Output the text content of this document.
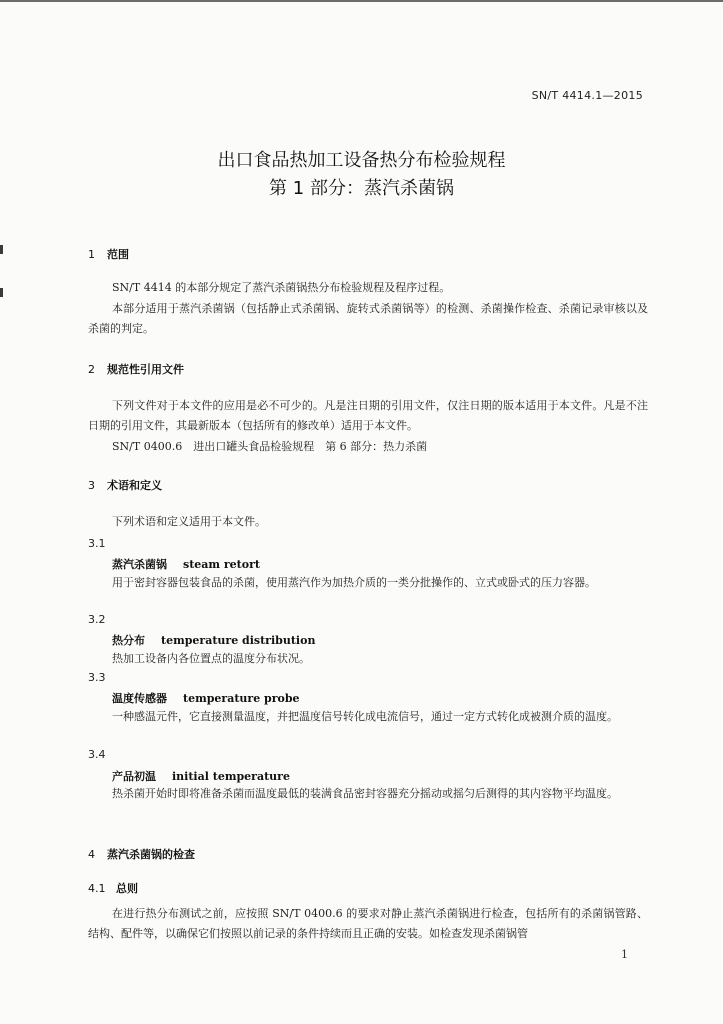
SN/T 4414.1—2015
出口食品热加工设备热分布检验规程
第 1 部分：蒸汽杀菌锅
1 范围

SN/T 4414 的本部分规定了蒸汽杀菌锅热分布检验规程及程序过程。

本部分适用于蒸汽杀菌锅（包括静止式杀菌锅、旋转式杀菌锅等）的检测、杀菌操作检查、杀菌记录审核以及杀菌的判定。

2 规范性引用文件

下列文件对于本文件的应用是必不可少的。凡是注日期的引用文件，仅注日期的版本适用于本文件。凡是不注日期的引用文件，其最新版本（包括所有的修改单）适用于本文件。

SN/T 0400.6　进出口罐头食品检验规程　第 6 部分：热力杀菌

3 术语和定义

下列术语和定义适用于本文件。

3.1
蒸汽杀菌锅 steam retort

用于密封容器包装食品的杀菌，使用蒸汽作为加热介质的一类分批操作的、立式或卧式的压力容器。

3.2
热分布 temperature distribution

热加工设备内各位置点的温度分布状况。

3.3
温度传感器 temperature probe

一种感温元件，它直接测量温度，并把温度信号转化成电流信号，通过一定方式转化成被测介质的温度。

3.4
产品初温 initial temperature

热杀菌开始时即将准备杀菌而温度最低的装满食品密封容器充分摇动或摇匀后测得的其内容物平均温度。

4 蒸汽杀菌锅的检查
4.1 总则

在进行热分布测试之前，应按照 SN/T 0400.6 的要求对静止蒸汽杀菌锅进行检查，包括所有的杀菌锅管路、结构、配件等，以确保它们按照以前记录的条件持续而且正确的安装。如检查发现杀菌锅管

1
